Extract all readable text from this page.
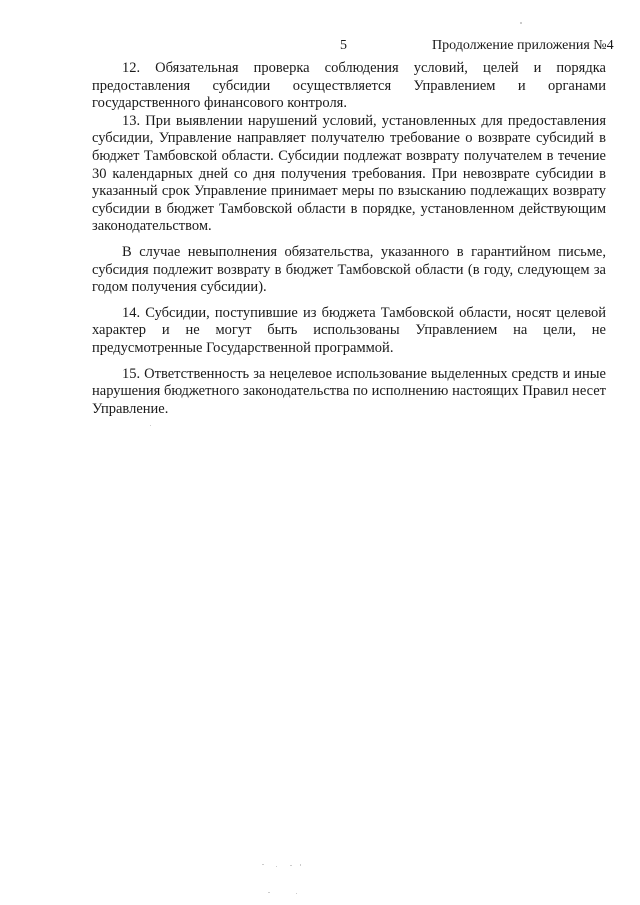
5	Продолжение приложения №4

12. Обязательная проверка соблюдения условий, целей и порядка предоставления субсидии осуществляется Управлением и органами государственного финансового контроля.

13. При выявлении нарушений условий, установленных для предоставления субсидии, Управление направляет получателю требование о возврате субсидий в бюджет Тамбовской области. Субсидии подлежат возврату получателем в течение 30 календарных дней со дня получения требования. При невозврате субсидии в указанный срок Управление принимает меры по взысканию подлежащих возврату субсидии в бюджет Тамбовской области в порядке, установленном действующим законодательством.

В случае невыполнения обязательства, указанного в гарантийном письме, субсидия подлежит возврату в бюджет Тамбовской области (в году, следующем за годом получения субсидии).

14. Субсидии, поступившие из бюджета Тамбовской области, носят целевой характер и не могут быть использованы Управлением на цели, не предусмотренные Государственной программой.

15. Ответственность за нецелевое использование выделенных средств и иные нарушения бюджетного законодательства по исполнению настоящих Правил несет Управление.
